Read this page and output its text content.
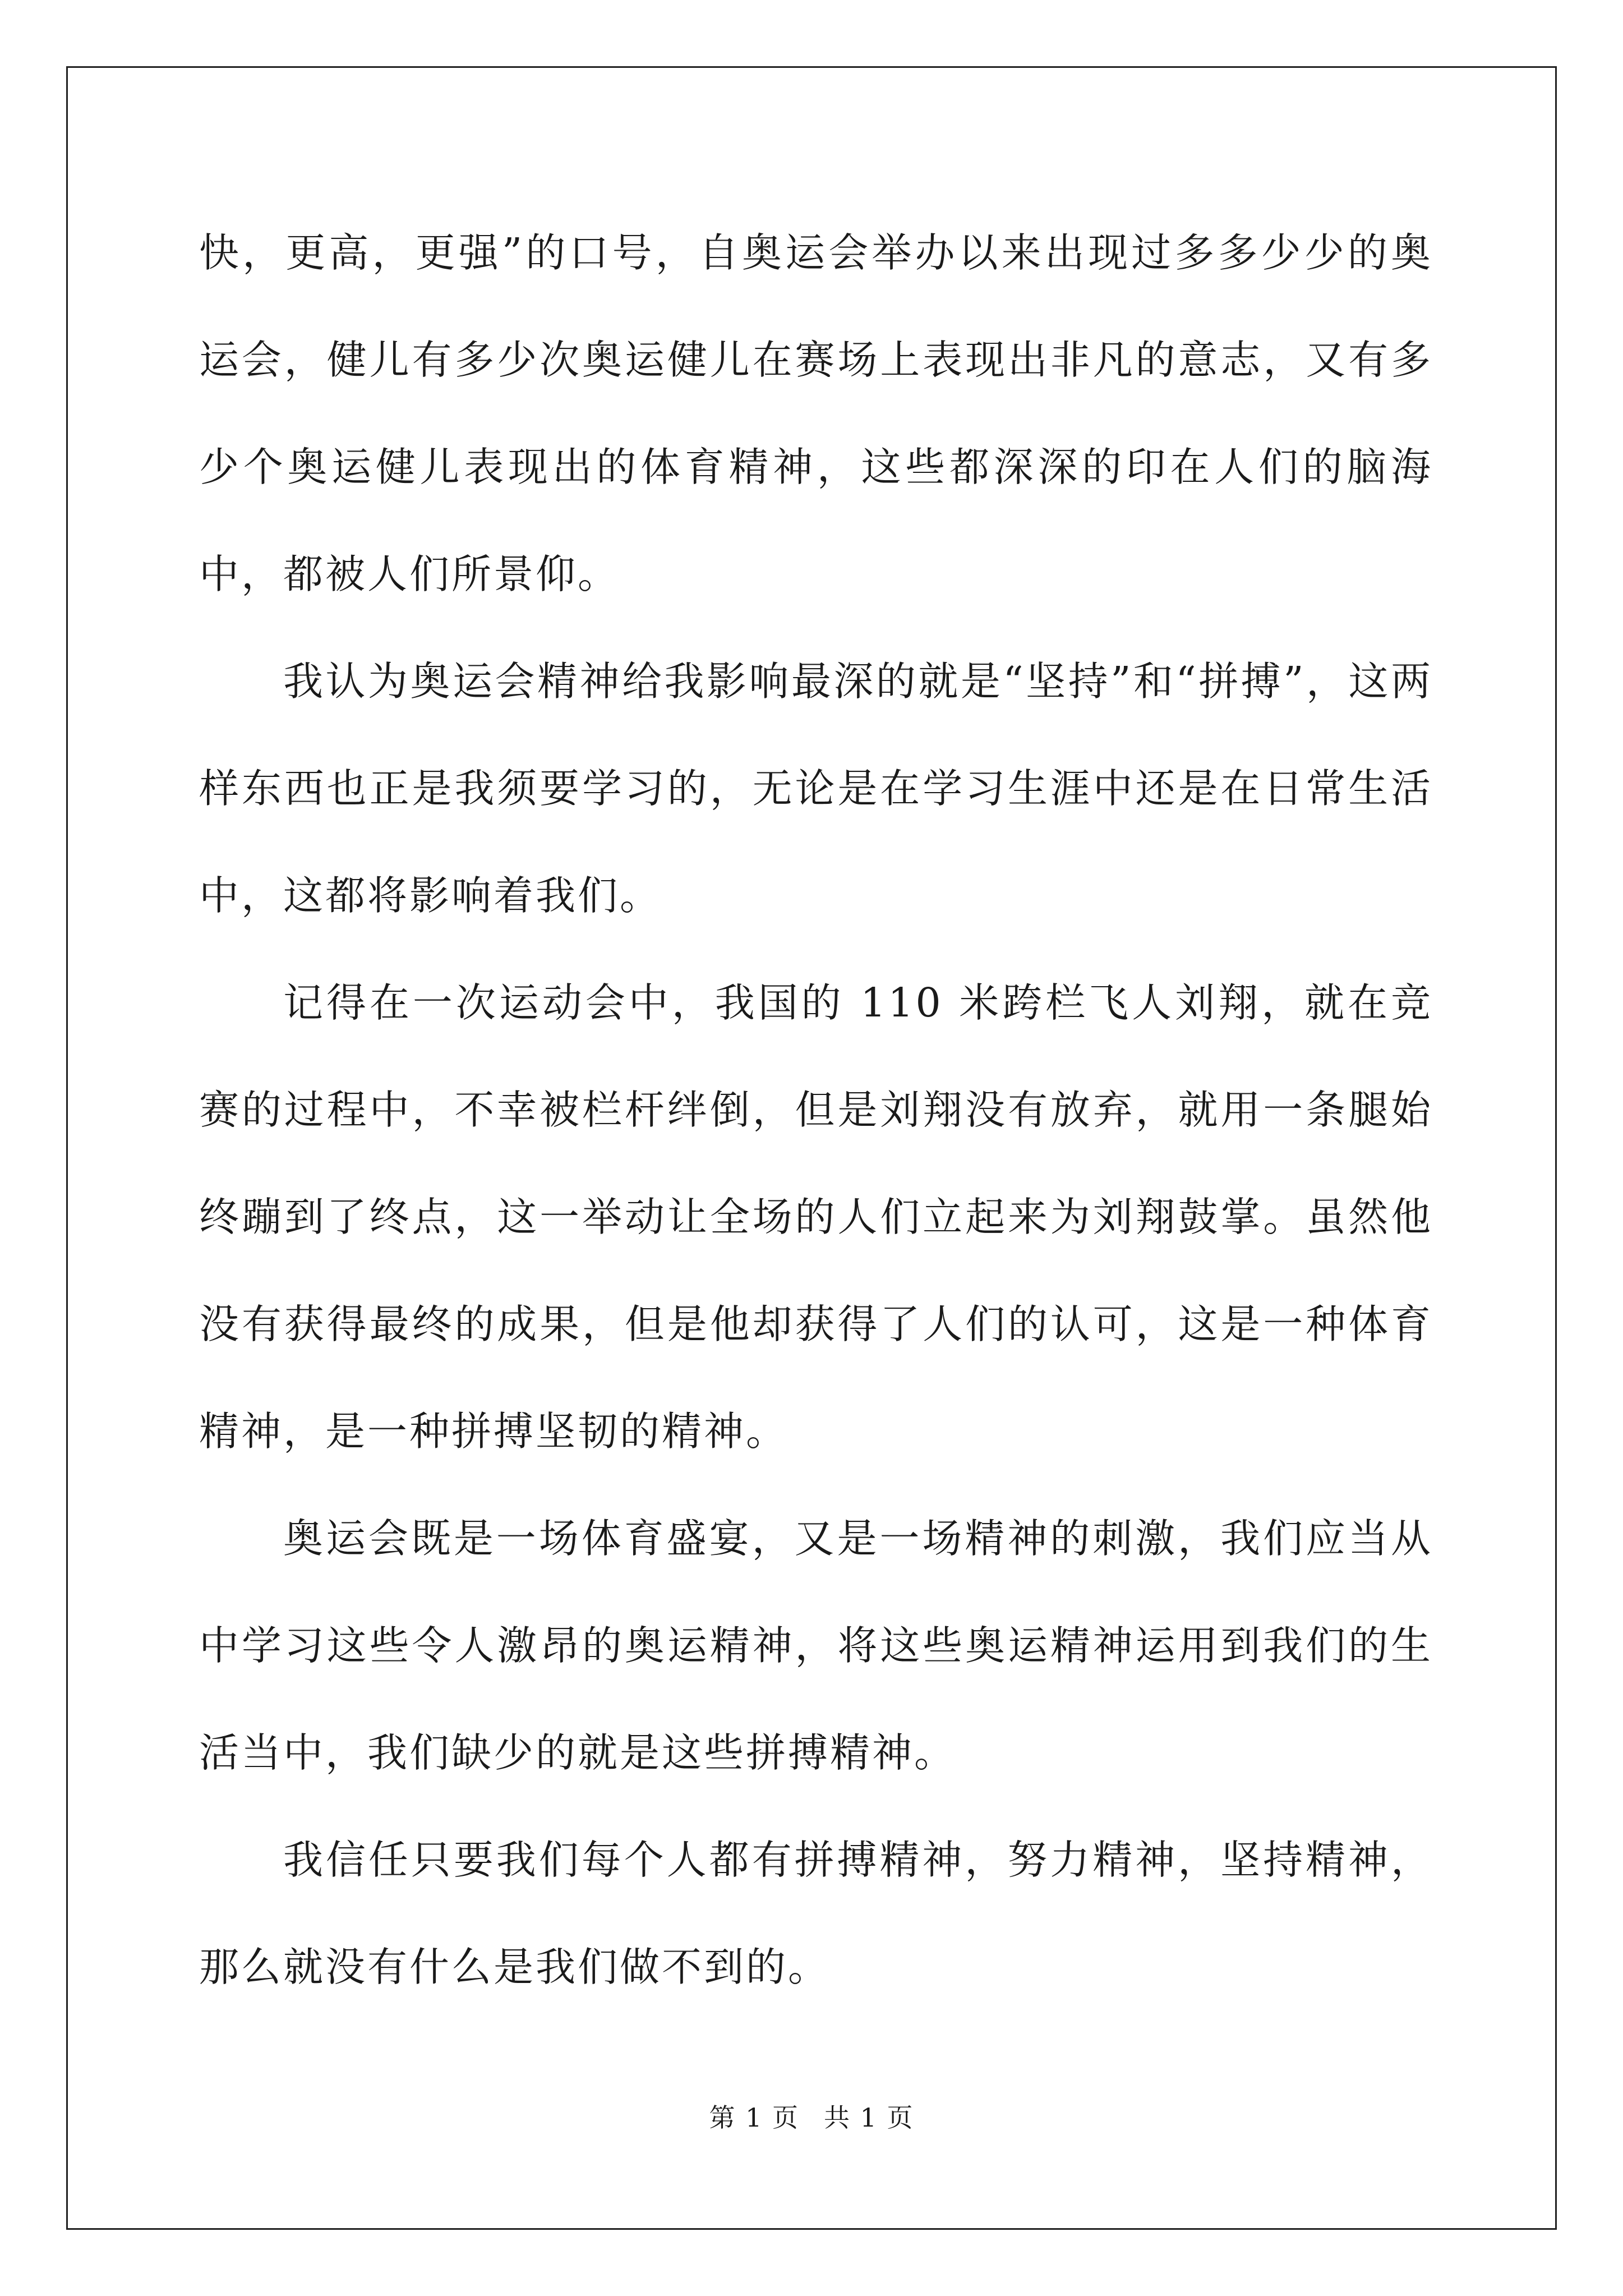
快，更高，更强”的口号，自奥运会举办以来出现过多多少少的奥运会，健儿有多少次奥运健儿在赛场上表现出非凡的意志，又有多少个奥运健儿表现出的体育精神，这些都深深的印在人们的脑海中，都被人们所景仰。

我认为奥运会精神给我影响最深的就是“坚持”和“拼搏”，这两样东西也正是我须要学习的，无论是在学习生涯中还是在日常生活中，这都将影响着我们。

记得在一次运动会中，我国的 110 米跨栏飞人刘翔，就在竞赛的过程中，不幸被栏杆绊倒，但是刘翔没有放弃，就用一条腿始终蹦到了终点，这一举动让全场的人们立起来为刘翔鼓掌。虽然他没有获得最终的成果，但是他却获得了人们的认可，这是一种体育精神，是一种拼搏坚韧的精神。

奥运会既是一场体育盛宴，又是一场精神的刺激，我们应当从中学习这些令人激昂的奥运精神，将这些奥运精神运用到我们的生活当中，我们缺少的就是这些拼搏精神。

我信任只要我们每个人都有拼搏精神，努力精神，坚持精神，那么就没有什么是我们做不到的。

第 1 页 共 1 页
